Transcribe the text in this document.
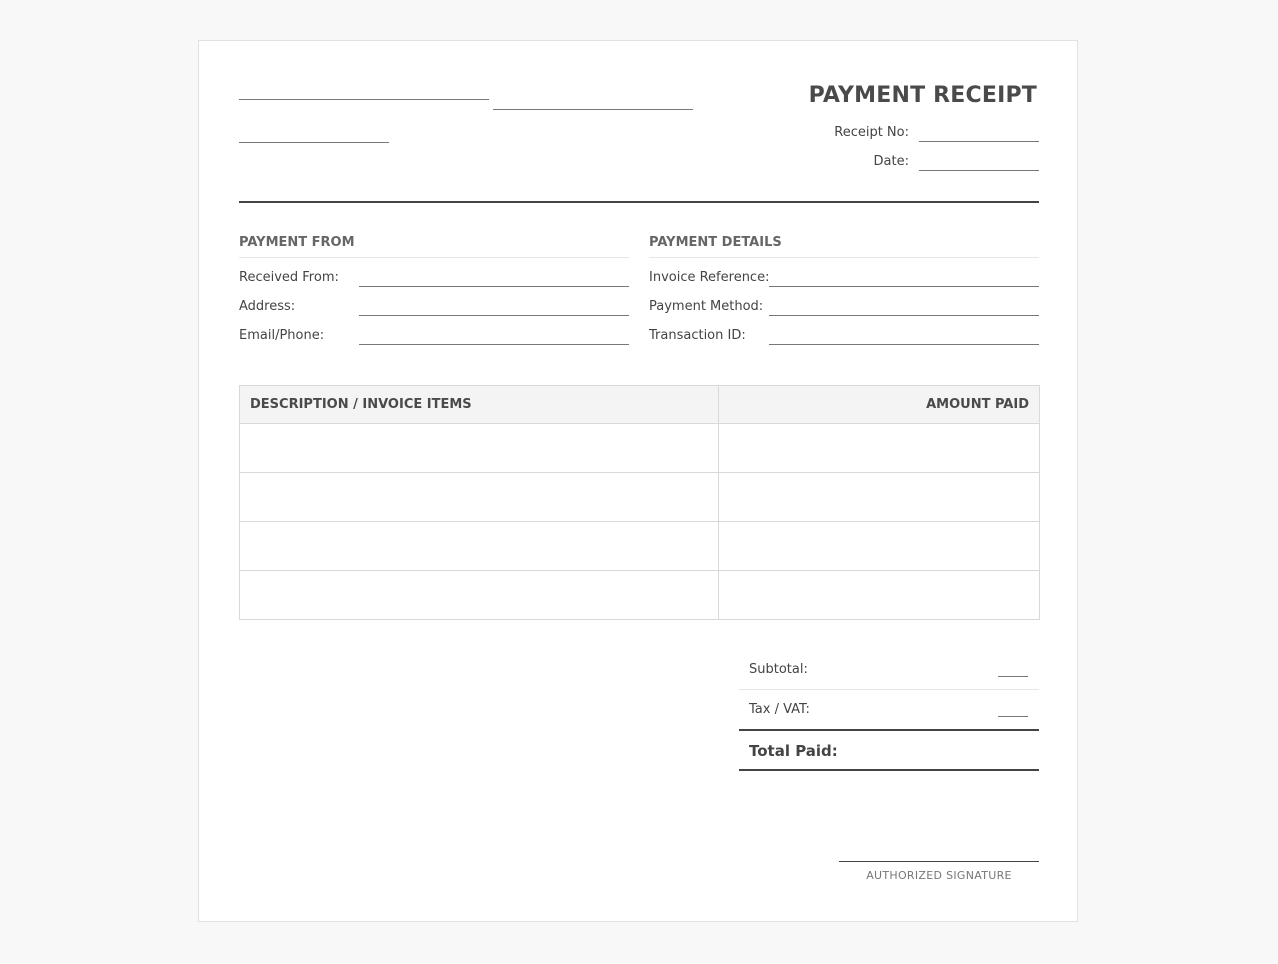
PAYMENT RECEIPT
Receipt No:
Date:
PAYMENT FROM
Received From:
Address:
Email/Phone:
PAYMENT DETAILS
Invoice Reference:
Payment Method:
Transaction ID:
DESCRIPTION / INVOICE ITEMS	AMOUNT PAID

Subtotal:
Tax / VAT:
Total Paid:
AUTHORIZED SIGNATURE
